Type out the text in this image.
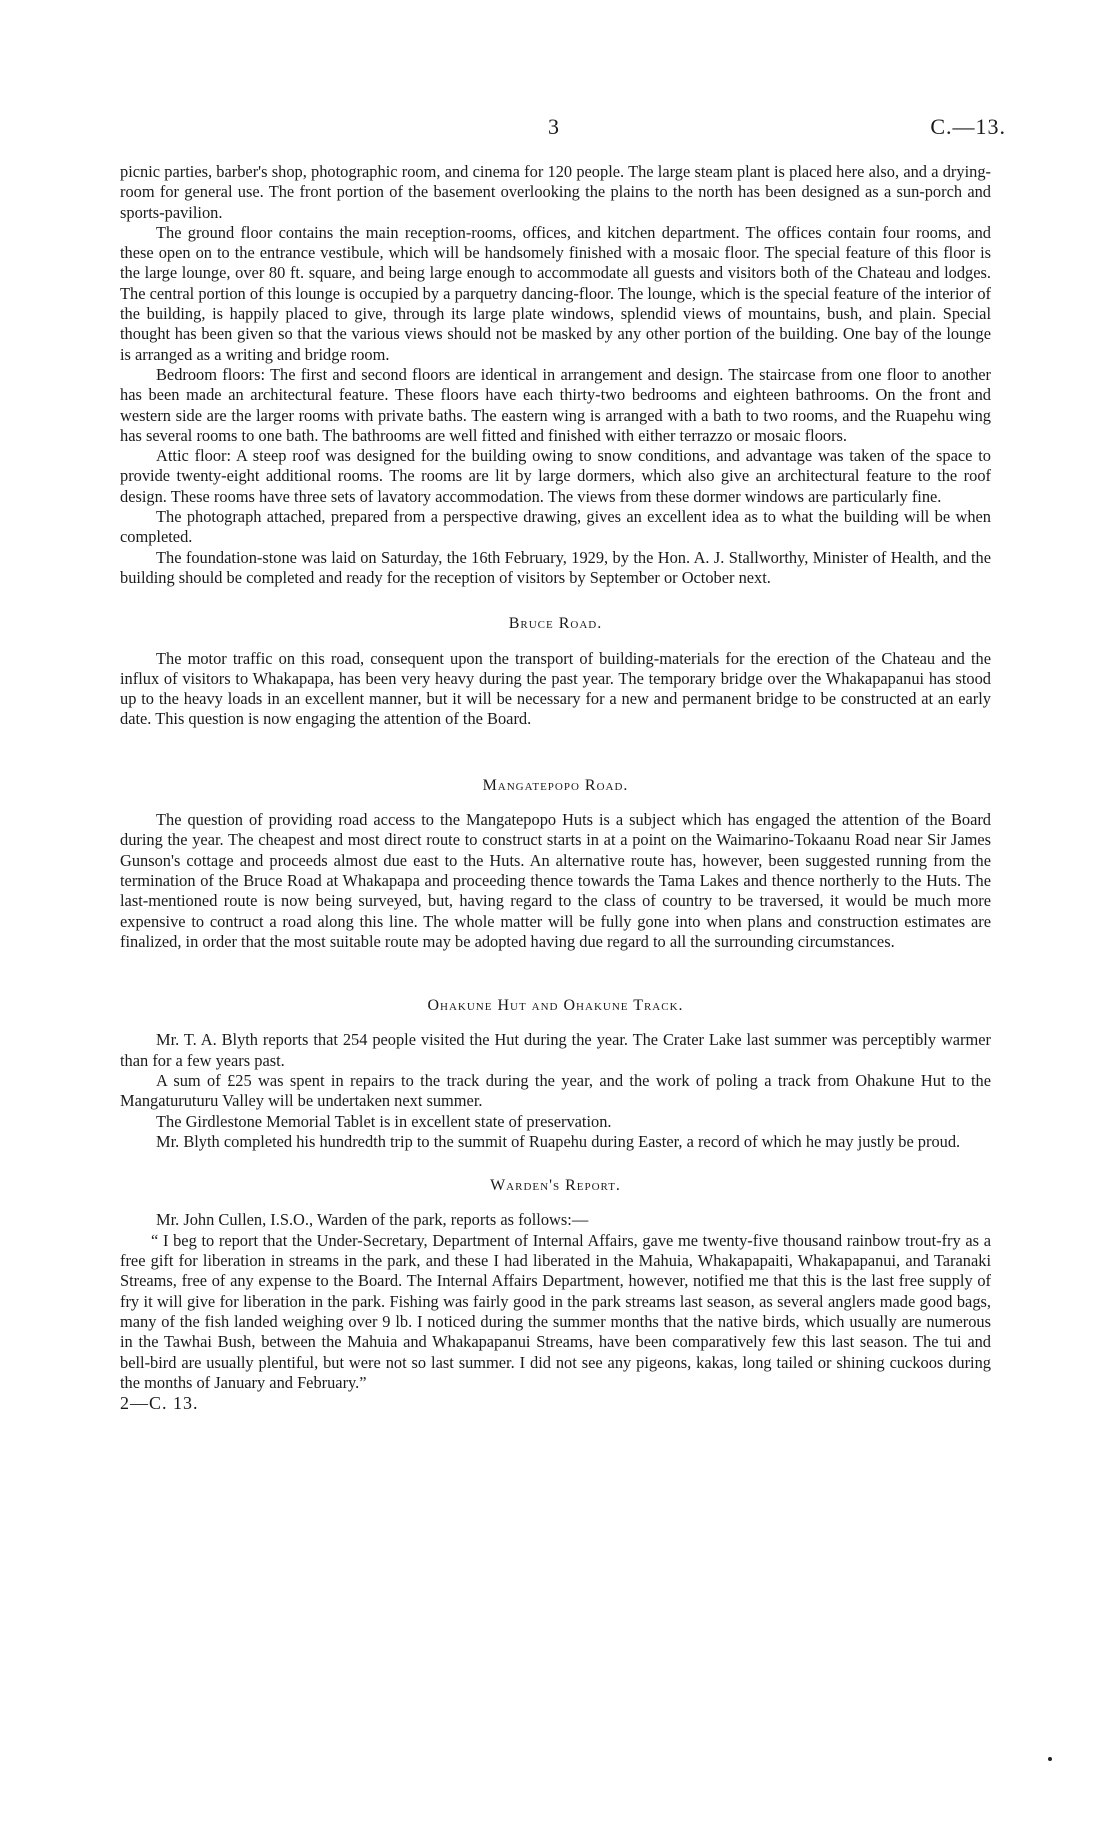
3	C.—13.

picnic parties, barber's shop, photographic room, and cinema for 120 people. The large steam plant is placed here also, and a drying-room for general use. The front portion of the basement overlooking the plains to the north has been designed as a sun-porch and sports-pavilion.

The ground floor contains the main reception-rooms, offices, and kitchen department. The offices contain four rooms, and these open on to the entrance vestibule, which will be handsomely finished with a mosaic floor. The special feature of this floor is the large lounge, over 80 ft. square, and being large enough to accommodate all guests and visitors both of the Chateau and lodges. The central portion of this lounge is occupied by a parquetry dancing-floor. The lounge, which is the special feature of the interior of the building, is happily placed to give, through its large plate windows, splendid views of mountains, bush, and plain. Special thought has been given so that the various views should not be masked by any other portion of the building. One bay of the lounge is arranged as a writing and bridge room.

Bedroom floors: The first and second floors are identical in arrangement and design. The staircase from one floor to another has been made an architectural feature. These floors have each thirty-two bedrooms and eighteen bathrooms. On the front and western side are the larger rooms with private baths. The eastern wing is arranged with a bath to two rooms, and the Ruapehu wing has several rooms to one bath. The bathrooms are well fitted and finished with either terrazzo or mosaic floors.

Attic floor: A steep roof was designed for the building owing to snow conditions, and advantage was taken of the space to provide twenty-eight additional rooms. The rooms are lit by large dormers, which also give an architectural feature to the roof design. These rooms have three sets of lavatory accommodation. The views from these dormer windows are particularly fine.

The photograph attached, prepared from a perspective drawing, gives an excellent idea as to what the building will be when completed.

The foundation-stone was laid on Saturday, the 16th February, 1929, by the Hon. A. J. Stallworthy, Minister of Health, and the building should be completed and ready for the reception of visitors by September or October next.

Bruce Road.

The motor traffic on this road, consequent upon the transport of building-materials for the erection of the Chateau and the influx of visitors to Whakapapa, has been very heavy during the past year. The temporary bridge over the Whakapapanui has stood up to the heavy loads in an excellent manner, but it will be necessary for a new and permanent bridge to be constructed at an early date. This question is now engaging the attention of the Board.

Mangatepopo Road.

The question of providing road access to the Mangatepopo Huts is a subject which has engaged the attention of the Board during the year. The cheapest and most direct route to construct starts in at a point on the Waimarino-Tokaanu Road near Sir James Gunson's cottage and proceeds almost due east to the Huts. An alternative route has, however, been suggested running from the termination of the Bruce Road at Whakapapa and proceeding thence towards the Tama Lakes and thence northerly to the Huts. The last-mentioned route is now being surveyed, but, having regard to the class of country to be traversed, it would be much more expensive to contruct a road along this line. The whole matter will be fully gone into when plans and construction estimates are finalized, in order that the most suitable route may be adopted having due regard to all the surrounding circumstances.

Ohakune Hut and Ohakune Track.

Mr. T. A. Blyth reports that 254 people visited the Hut during the year. The Crater Lake last summer was perceptibly warmer than for a few years past.

A sum of £25 was spent in repairs to the track during the year, and the work of poling a track from Ohakune Hut to the Mangaturuturu Valley will be undertaken next summer.

The Girdlestone Memorial Tablet is in excellent state of preservation.

Mr. Blyth completed his hundredth trip to the summit of Ruapehu during Easter, a record of which he may justly be proud.

Warden's Report.

Mr. John Cullen, I.S.O., Warden of the park, reports as follows:—

“ I beg to report that the Under-Secretary, Department of Internal Affairs, gave me twenty-five thousand rainbow trout-fry as a free gift for liberation in streams in the park, and these I had liberated in the Mahuia, Whakapapaiti, Whakapapanui, and Taranaki Streams, free of any expense to the Board. The Internal Affairs Department, however, notified me that this is the last free supply of fry it will give for liberation in the park. Fishing was fairly good in the park streams last season, as several anglers made good bags, many of the fish landed weighing over 9 lb. I noticed during the summer months that the native birds, which usually are numerous in the Tawhai Bush, between the Mahuia and Whakapapanui Streams, have been comparatively few this last season. The tui and bell-bird are usually plentiful, but were not so last summer. I did not see any pigeons, kakas, long tailed or shining cuckoos during the months of January and February.”

2—C. 13.
